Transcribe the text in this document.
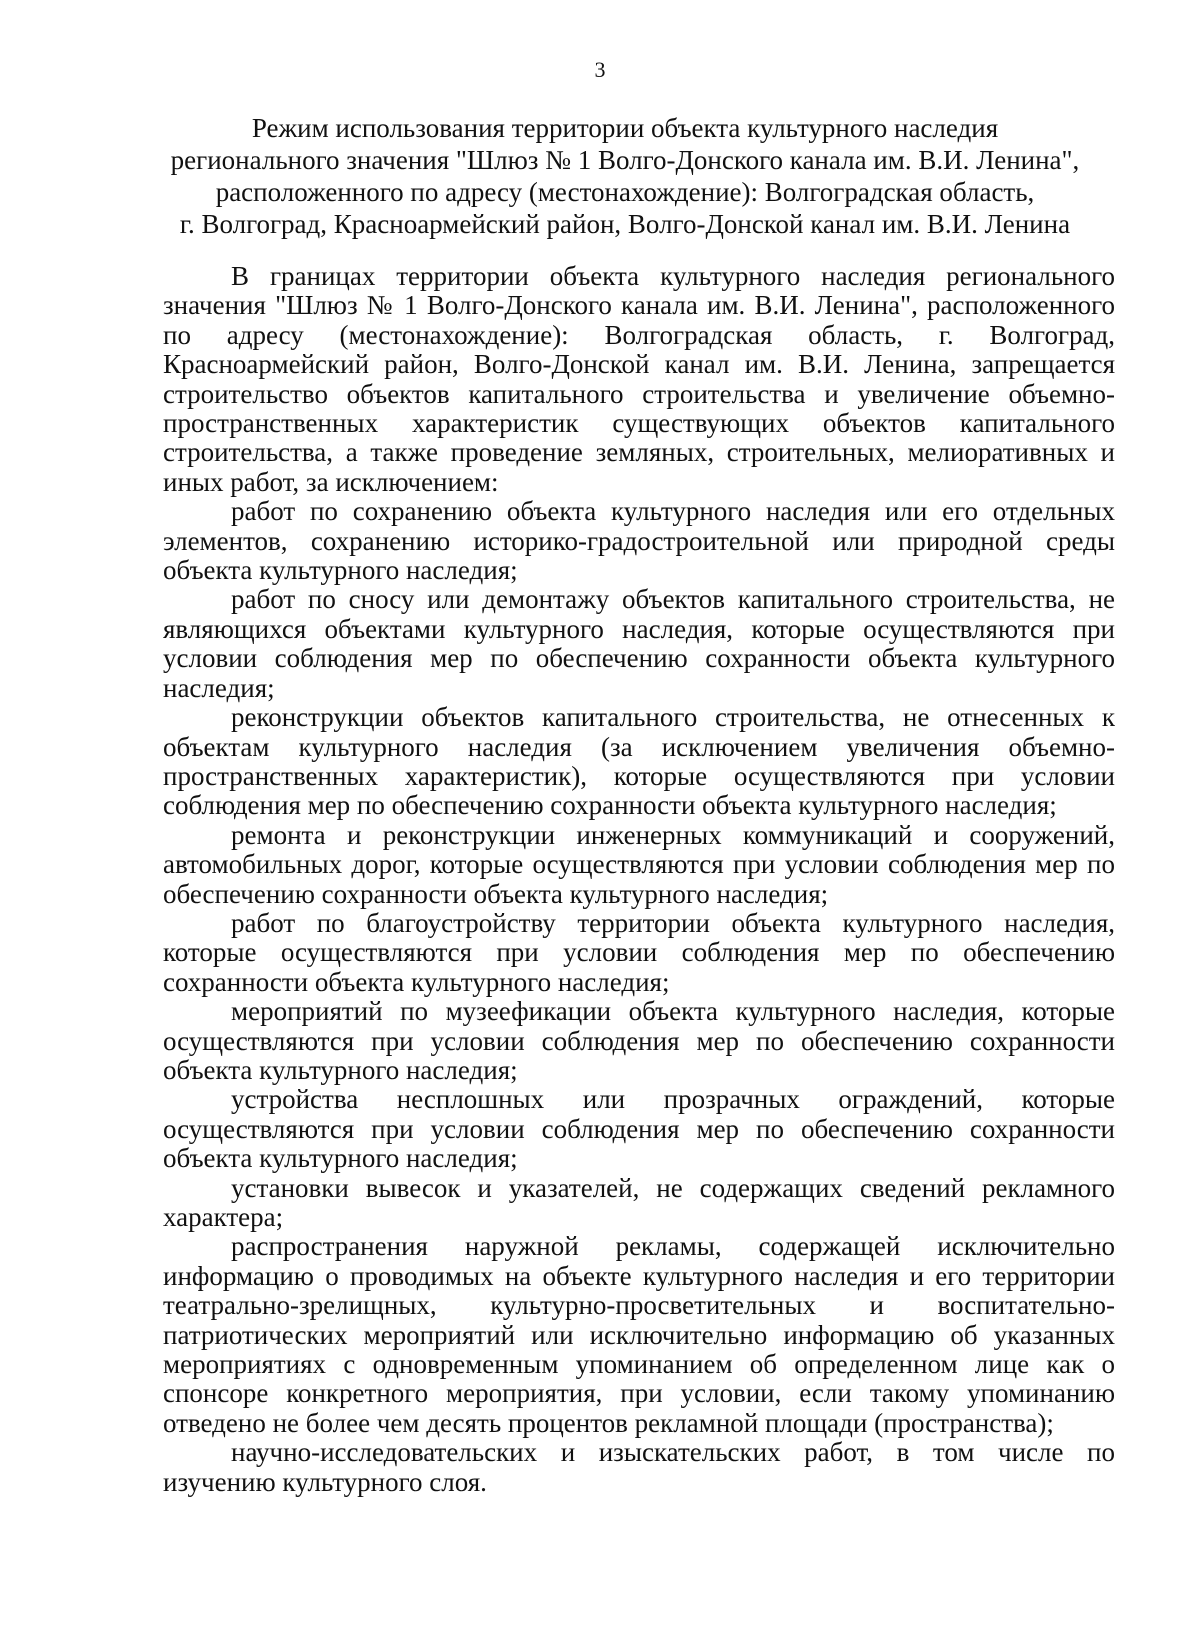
3
Режим использования территории объекта культурного наследия
регионального значения "Шлюз № 1 Волго-Донского канала им. В.И. Ленина",
расположенного по адресу (местонахождение): Волгоградская область,
г. Волгоград, Красноармейский район, Волго-Донской канал им. В.И. Ленина

В границах территории объекта культурного наследия регионального значения "Шлюз № 1 Волго-Донского канала им. В.И. Ленина", расположенного по адресу (местонахождение): Волгоградская область, г. Волгоград, Красноармейский район, Волго-Донской канал им. В.И. Ленина, запрещается строительство объектов капитального строительства и увеличение объемно-пространственных характеристик существующих объектов капитального строительства, а также проведение земляных, строительных, мелиоративных и иных работ, за исключением:

работ по сохранению объекта культурного наследия или его отдельных элементов, сохранению историко-градостроительной или природной среды объекта культурного наследия;

работ по сносу или демонтажу объектов капитального строительства, не являющихся объектами культурного наследия, которые осуществляются при условии соблюдения мер по обеспечению сохранности объекта культурного наследия;

реконструкции объектов капитального строительства, не отнесенных к объектам культурного наследия (за исключением увеличения объемно-пространственных характеристик), которые осуществляются при условии соблюдения мер по обеспечению сохранности объекта культурного наследия;

ремонта и реконструкции инженерных коммуникаций и сооружений, автомобильных дорог, которые осуществляются при условии соблюдения мер по обеспечению сохранности объекта культурного наследия;

работ по благоустройству территории объекта культурного наследия, которые осуществляются при условии соблюдения мер по обеспечению сохранности объекта культурного наследия;

мероприятий по музеефикации объекта культурного наследия, которые осуществляются при условии соблюдения мер по обеспечению сохранности объекта культурного наследия;

устройства несплошных или прозрачных ограждений, которые осуществляются при условии соблюдения мер по обеспечению сохранности объекта культурного наследия;

установки вывесок и указателей, не содержащих сведений рекламного характера;

распространения наружной рекламы, содержащей исключительно информацию о проводимых на объекте культурного наследия и его территории театрально-зрелищных, культурно-просветительных и воспитательно-патриотических мероприятий или исключительно информацию об указанных мероприятиях с одновременным упоминанием об определенном лице как о спонсоре конкретного мероприятия, при условии, если такому упоминанию отведено не более чем десять процентов рекламной площади (пространства);

научно-исследовательских и изыскательских работ, в том числе по изучению культурного слоя.
